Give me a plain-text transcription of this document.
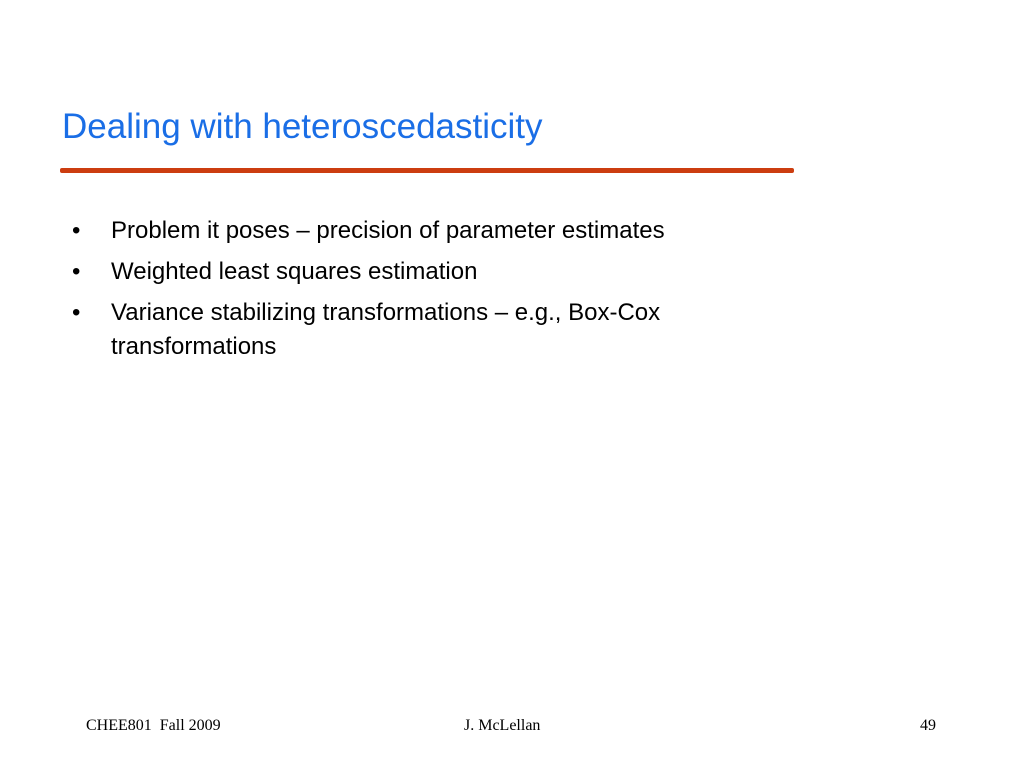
Dealing with heteroscedasticity
•	Problem it poses – precision of parameter estimates
•	Weighted least squares estimation
•	Variance stabilizing transformations – e.g., Box-Cox transformations
CHEE801  Fall 2009	J. McLellan	49
